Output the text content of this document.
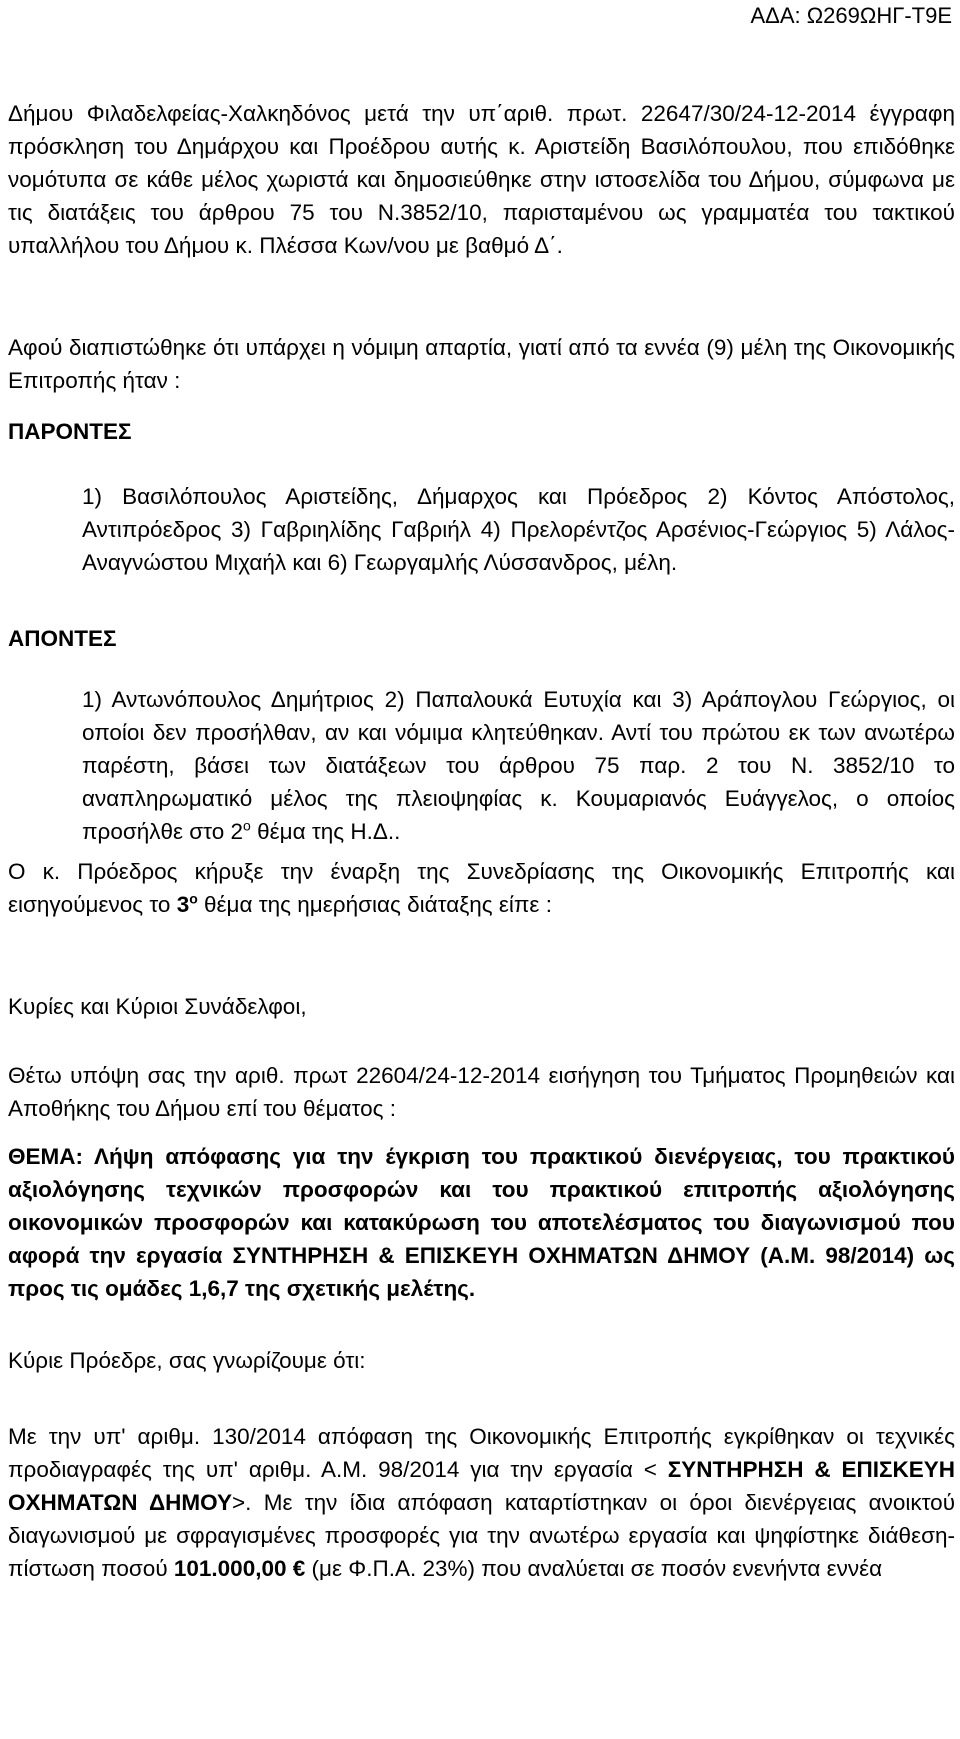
ΑΔΑ: Ω269ΩΗΓ-Τ9Ε

Δήμου Φιλαδελφείας-Χαλκηδόνος μετά την υπ΄αριθ. πρωτ. 22647/30/24-12-2014 έγγραφη πρόσκληση του Δημάρχου και Προέδρου αυτής κ. Αριστείδη Βασιλόπουλου, που επιδόθηκε νομότυπα σε κάθε μέλος χωριστά και δημοσιεύθηκε στην ιστοσελίδα του Δήμου, σύμφωνα με τις διατάξεις του άρθρου 75 του Ν.3852/10, παρισταμένου ως γραμματέα του τακτικού υπαλλήλου του Δήμου κ. Πλέσσα Κων/νου με βαθμό Δ΄.

Αφού διαπιστώθηκε ότι υπάρχει η νόμιμη απαρτία, γιατί από τα εννέα (9) μέλη της Οικονομικής Επιτροπής ήταν :

ΠΑΡΟΝΤΕΣ

1) Βασιλόπουλος Αριστείδης, Δήμαρχος και Πρόεδρος 2) Κόντος Απόστολος, Αντιπρόεδρος 3) Γαβριηλίδης Γαβριήλ 4) Πρελορέντζος Αρσένιος-Γεώργιος 5) Λάλος-Αναγνώστου Μιχαήλ και 6) Γεωργαμλής Λύσσανδρος, μέλη.

ΑΠΟΝΤΕΣ

1) Αντωνόπουλος Δημήτριος 2) Παπαλουκά Ευτυχία και 3) Αράπογλου Γεώργιος, οι οποίοι δεν προσήλθαν, αν και νόμιμα κλητεύθηκαν. Αντί του πρώτου εκ των ανωτέρω παρέστη, βάσει των διατάξεων του άρθρου 75 παρ. 2 του Ν. 3852/10 το αναπληρωματικό μέλος της πλειοψηφίας κ. Κουμαριανός Ευάγγελος, ο οποίος προσήλθε στο $2^o$ θέμα της Η.Δ..

Ο κ. Πρόεδρος κήρυξε την έναρξη της Συνεδρίασης της Οικονομικής Επιτροπής και εισηγούμενος το $3^o$ θέμα της ημερήσιας διάταξης είπε :

Κυρίες και Κύριοι Συνάδελφοι,

Θέτω υπόψη σας την αριθ. πρωτ 22604/24-12-2014 εισήγηση του Τμήματος Προμηθειών και Αποθήκης του Δήμου επί του θέματος :

ΘΕΜΑ: Λήψη απόφασης για την έγκριση του πρακτικού διενέργειας, του πρακτικού αξιολόγησης τεχνικών προσφορών και του πρακτικού επιτροπής αξιολόγησης οικονομικών προσφορών και κατακύρωση του αποτελέσματος του διαγωνισμού που αφορά την εργασία ΣΥΝΤΗΡΗΣΗ & ΕΠΙΣΚΕΥΗ ΟΧΗΜΑΤΩΝ ΔΗΜΟΥ (Α.Μ. 98/2014) ως προς τις ομάδες 1,6,7 της σχετικής μελέτης.

Κύριε Πρόεδρε, σας γνωρίζουμε ότι:

Με την υπ' αριθμ. 130/2014 απόφαση της Οικονομικής Επιτροπής εγκρίθηκαν οι τεχνικές προδιαγραφές της υπ' αριθμ. Α.Μ. 98/2014 για την εργασία < ΣΥΝΤΗΡΗΣΗ & ΕΠΙΣΚΕΥΗ ΟΧΗΜΑΤΩΝ ΔΗΜΟΥ>. Με την ίδια απόφαση καταρτίστηκαν οι όροι διενέργειας ανοικτού διαγωνισμού με σφραγισμένες προσφορές για την ανωτέρω εργασία και ψηφίστηκε διάθεση-πίστωση ποσού 101.000,00 € (με Φ.Π.Α. 23%) που αναλύεται σε ποσόν ενενήντα εννέα
